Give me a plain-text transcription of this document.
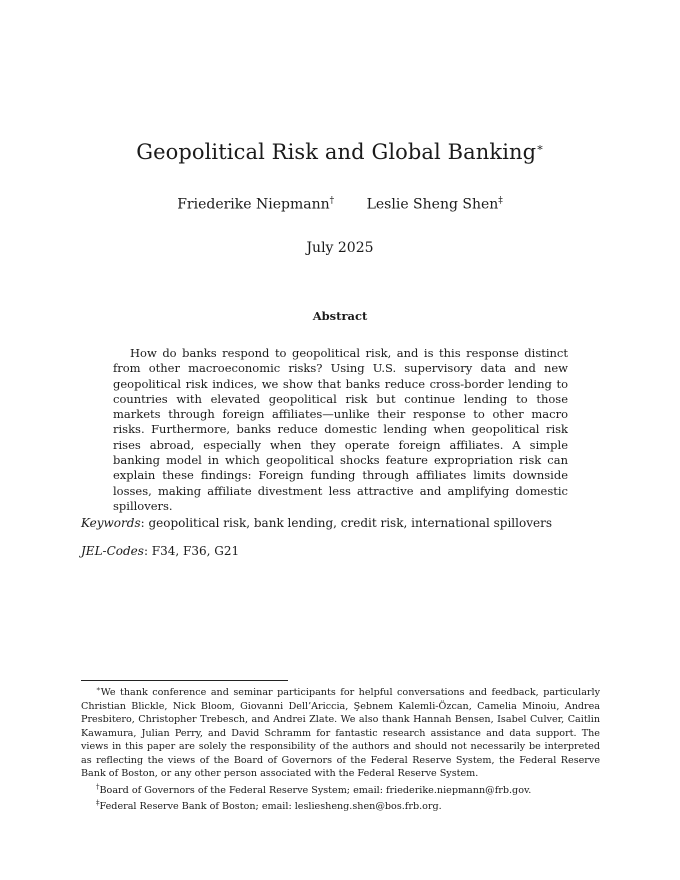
Geopolitical Risk and Global Banking∗
Friederike Niepmann† Leslie Sheng Shen‡
July 2025
Abstract
How do banks respond to geopolitical risk, and is this response distinct from other macroeconomic risks? Using U.S. supervisory data and new geopolitical risk indices, we show that banks reduce cross-border lending to countries with elevated geopolitical risk but continue lending to those markets through foreign affiliates—unlike their response to other macro risks. Furthermore, banks reduce domestic lending when geopolitical risk rises abroad, especially when they operate foreign affiliates. A simple banking model in which geopolitical shocks feature expropriation risk can explain these findings: Foreign funding through affiliates limits downside losses, making affiliate divestment less attractive and amplifying domestic spillovers.
Keywords: geopolitical risk, bank lending, credit risk, international spillovers
JEL-Codes: F34, F36, G21

∗We thank conference and seminar participants for helpful conversations and feedback, particularly Christian Blickle, Nick Bloom, Giovanni Dell’Ariccia, Şebnem Kalemli-Özcan, Camelia Minoiu, Andrea Presbitero, Christopher Trebesch, and Andrei Zlate. We also thank Hannah Bensen, Isabel Culver, Caitlin Kawamura, Julian Perry, and David Schramm for fantastic research assistance and data support. The views in this paper are solely the responsibility of the authors and should not necessarily be interpreted as reflecting the views of the Board of Governors of the Federal Reserve System, the Federal Reserve Bank of Boston, or any other person associated with the Federal Reserve System.

†Board of Governors of the Federal Reserve System; email: friederike.niepmann@frb.gov.

‡Federal Reserve Bank of Boston; email: lesliesheng.shen@bos.frb.org.
